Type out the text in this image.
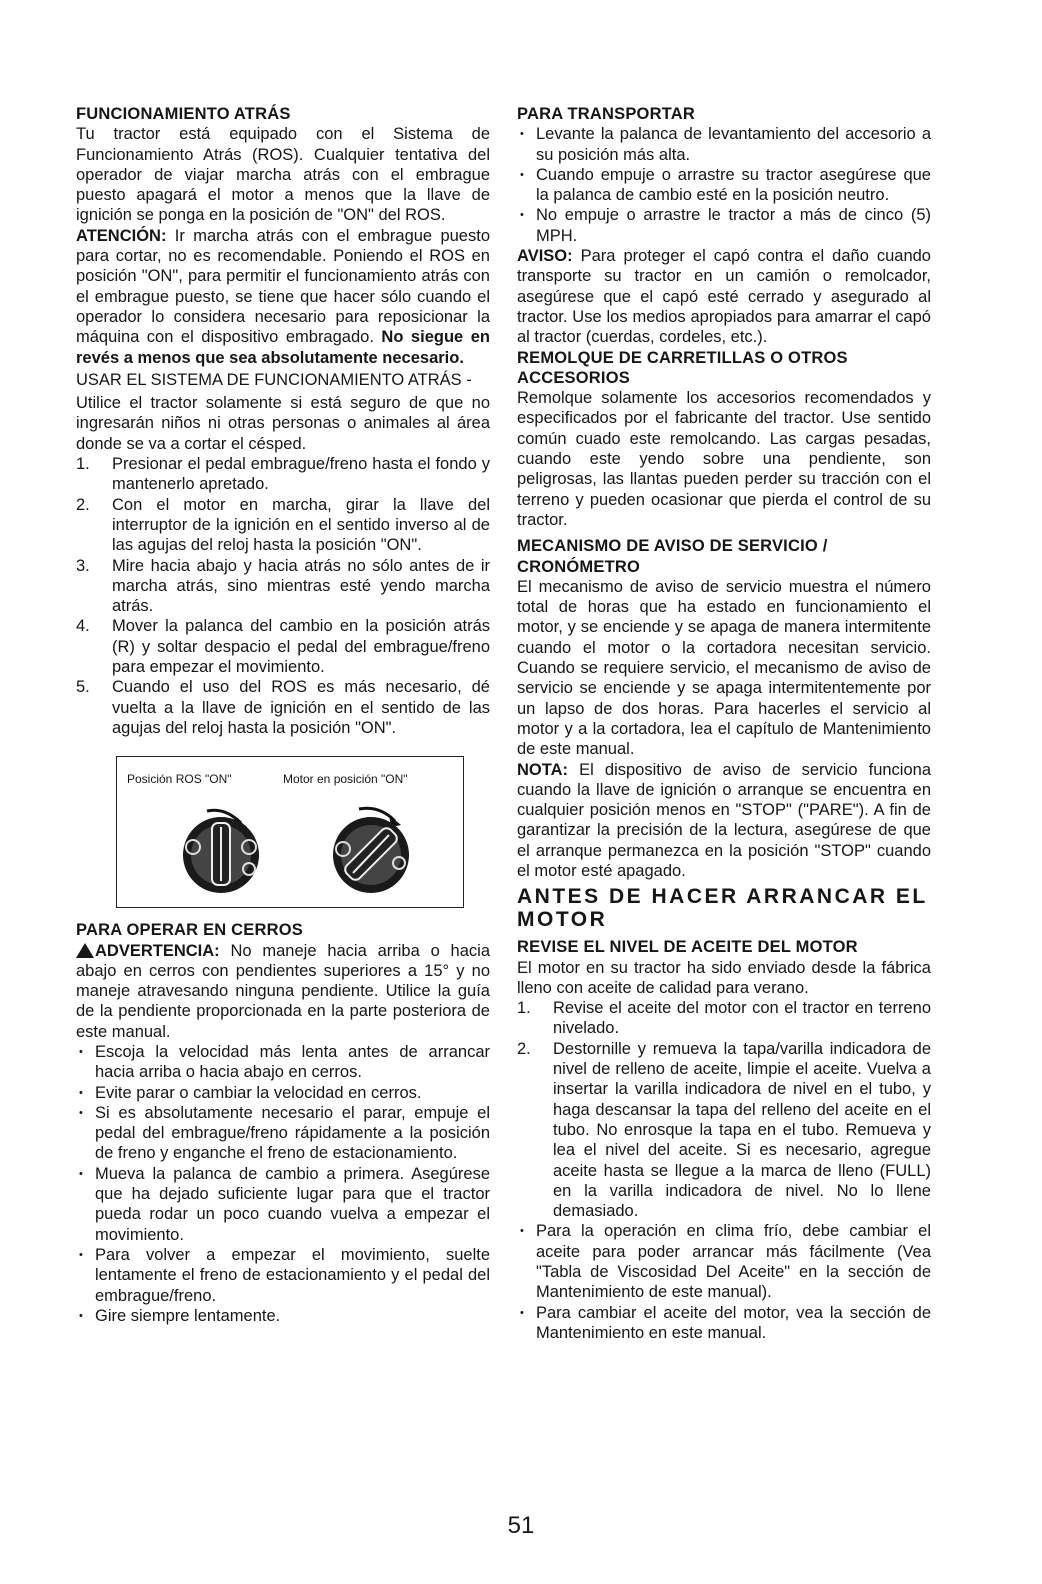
FUNCIONAMIENTO ATRÁS

Tu tractor está equipado con el Sistema de Funcionamiento Atrás (ROS). Cualquier tentativa del operador de viajar marcha atrás con el embrague puesto apagará el motor a menos que la llave de ignición se ponga en la posición de "ON" del ROS.

ATENCIÓN: Ir marcha atrás con el embrague puesto para cortar, no es recomendable. Poniendo el ROS en posición "ON", para permitir el funcionamiento atrás con el embrague puesto, se tiene que hacer sólo cuando el operador lo considera necesario para reposicionar la máquina con el dispositivo embragado. No siegue en revés a menos que sea absolutamente necesario.

USAR EL SISTEMA DE FUNCIONAMIENTO ATRÁS -

Utilice el tractor solamente si está seguro de que no ingresarán niños ni otras personas o animales al área donde se va a cortar el césped.

1. Presionar el pedal embrague/freno hasta el fondo y mantenerlo apretado.
2. Con el motor en marcha, girar la llave del interruptor de la ignición en el sentido inverso al de las agujas del reloj hasta la posición "ON".
3. Mire hacia abajo y hacia atrás no sólo antes de ir marcha atrás, sino mientras esté yendo marcha atrás.
4. Mover la palanca del cambio en la posición atrás (R) y soltar despacio el pedal del embrague/freno para empezar el movimiento.
5. Cuando el uso del ROS es más necesario, dé vuelta a la llave de ignición en el sentido de las agujas del reloj hasta la posición "ON".
Posición ROS "ON"	Motor en posición "ON"
PARA OPERAR EN CERROS

ADVERTENCIA: No maneje hacia arriba o hacia abajo en cerros con pendientes superiores a 15° y no maneje atravesando ninguna pendiente. Utilice la guía de la pendiente proporcionada en la parte posteriora de este manual.

• Escoja la velocidad más lenta antes de arrancar hacia arriba o hacia abajo en cerros.
• Evite parar o cambiar la velocidad en cerros.
• Si es absolutamente necesario el parar, empuje el pedal del embrague/freno rápidamente a la posición de freno y enganche el freno de estacionamiento.
• Mueva la palanca de cambio a primera. Asegúrese que ha dejado suficiente lugar para que el tractor pueda rodar un poco cuando vuelva a empezar el movimiento.
• Para volver a empezar el movimiento, suelte lentamente el freno de estacionamiento y el pedal del embrague/freno.
• Gire siempre lentamente.
PARA TRANSPORTAR
• Levante la palanca de levantamiento del accesorio a su posición más alta.
• Cuando empuje o arrastre su tractor asegúrese que la palanca de cambio esté en la posición neutro.
• No empuje o arrastre le tractor a más de cinco (5) MPH.

AVISO: Para proteger el capó contra el daño cuando transporte su tractor en un camión o remolcador, asegúrese que el capó esté cerrado y asegurado al tractor. Use los medios apropiados para amarrar el capó al tractor (cuerdas, cordeles, etc.).

REMOLQUE DE CARRETILLAS O OTROS ACCESORIOS

Remolque solamente los accesorios recomendados y especificados por el fabricante del tractor. Use sentido común cuado este remolcando. Las cargas pesadas, cuando este yendo sobre una pendiente, son peligrosas, las llantas pueden perder su tracción con el terreno y pueden ocasionar que pierda el control de su tractor.

MECANISMO DE AVISO DE SERVICIO / CRONÓMETRO

El mecanismo de aviso de servicio muestra el número total de horas que ha estado en funcionamiento el motor, y se enciende y se apaga de manera intermitente cuando el motor o la cortadora necesitan servicio. Cuando se requiere servicio, el mecanismo de aviso de servicio se enciende y se apaga intermitentemente por un lapso de dos horas. Para hacerles el servicio al motor y a la cortadora, lea el capítulo de Mantenimiento de este manual.

NOTA: El dispositivo de aviso de servicio funciona cuando la llave de ignición o arranque se encuentra en cualquier posición menos en "STOP" ("PARE"). A fin de garantizar la precisión de la lectura, asegúrese de que el arranque permanezca en la posición "STOP" cuando el motor esté apagado.

ANTES DE HACER ARRANCAR EL MOTOR
REVISE EL NIVEL DE ACEITE DEL MOTOR

El motor en su tractor ha sido enviado desde la fábrica lleno con aceite de calidad para verano.

1. Revise el aceite del motor con el tractor en terreno nivelado.
2. Destornille y remueva la tapa/varilla indicadora de nivel de relleno de aceite, limpie el aceite. Vuelva a insertar la varilla indicadora de nivel en el tubo, y haga descansar la tapa del relleno del aceite en el tubo. No enrosque la tapa en el tubo. Remueva y lea el nivel del aceite. Si es necesario, agregue aceite hasta se llegue a la marca de lleno (FULL) en la varilla indicadora de nivel. No lo llene demasiado.
• Para la operación en clima frío, debe cambiar el aceite para poder arrancar más fácilmente (Vea "Tabla de Viscosidad Del Aceite" en la sección de Mantenimiento de este manual).
• Para cambiar el aceite del motor, vea la sección de Mantenimiento en este manual.
51
